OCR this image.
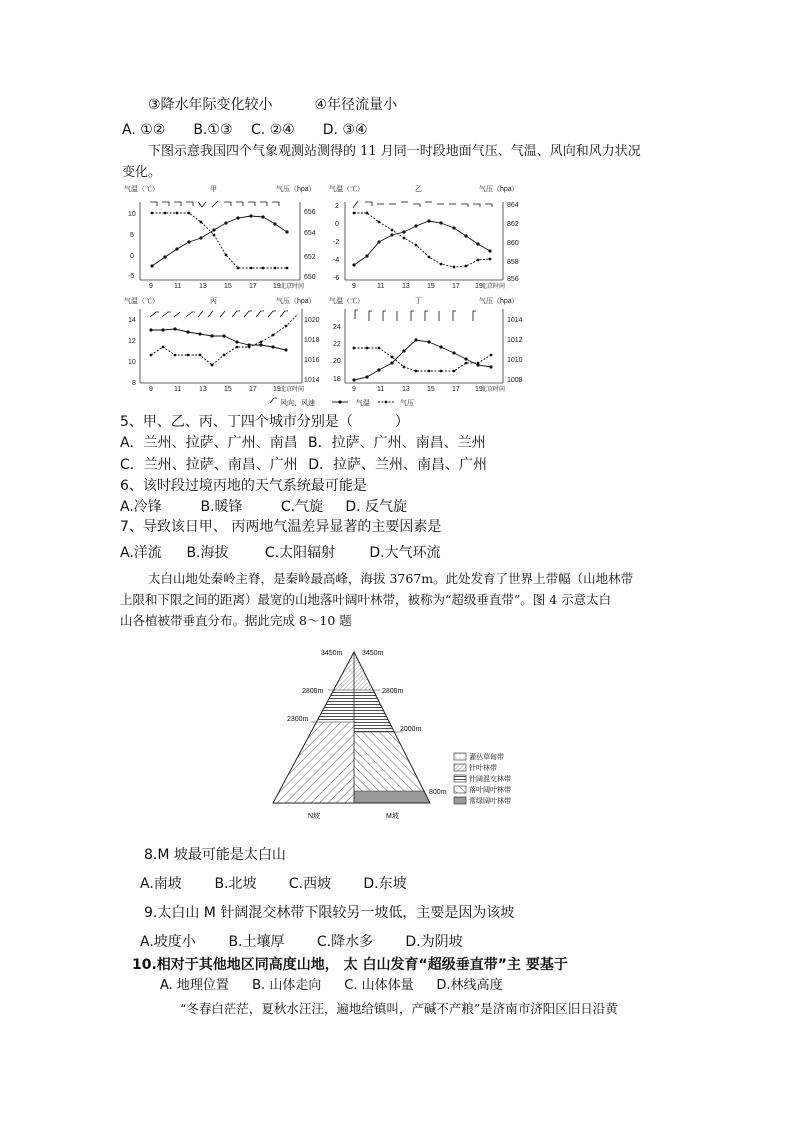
③降水年际变化较小　　　④年径流量小
A. ①②　　B.①③　 C. ②④　　D. ③④
下图示意我国四个气象观测站测得的 11 月同一时段地面气压、气温、风向和风力状况
变化。
气温（℃）	甲	气压（hpa）
10
5
0
-5
656
654
652
650
9	11	13 15 17 19 北京时间
气温（℃）	乙	气压（hpa）
2
0
-2
-4
-6
864
862
860
858
856
9	11	13 15 17 19
北京时间
气温（℃）	丙	气压（hpa）
14
12
10
8
1020
1018
1016
1014
9	11	13 15 17 19 北京时间
气温（℃）	丁	气压（hpa）
24
22
20
18
1014
1012
1010
1008
9	11	13 15 17 19
北京时间
风向、风速	气温	气压
5、甲、乙、丙、丁四个城市分别是（　　　）
A．兰州、拉萨、广州、南昌 B．拉萨、广州、南昌、兰州
C．兰州、拉萨、南昌、广州 D．拉萨、兰州、南昌、广州
6、该时段过境丙地的天气系统最可能是
A.冷锋	B.暖锋	C.气旋 D. 反气旋
7、导致该日甲、 丙两地气温差异显著的主要因素是
A.洋流 B.海拔	C.太阳辐射 D.大气环流
太白山地处秦岭主脊，是秦岭最高峰，海拔 3767m。此处发育了世界上带幅（山地林带
上限和下限之间的距离）最宽的山地落叶阔叶林带，被称为“超级垂直带”。图 4 示意太白
山各植被带垂直分布。据此完成 8～10 题
3450m	3450m
2800m	2800m
2300m
2000m
800m
N坡	M坡
灌丛草甸带
针叶林带
针阔混交林带
落叶阔叶林带
常绿阔叶林带
8.M 坡最可能是太白山
A.南坡 B.北坡 C.西坡 D.东坡
9.太白山 M 针阔混交林带下限较另一坡低，主要是因为该坡
A.坡度小 B.土壤厚 C.降水多 D.为阴坡
10.相对于其他地区同高度山地， 太 白山发育“超级垂直带”主 要基于
A. 地理位置 B. 山体走向 C. 山体体量 D.林线高度
“冬春白茫茫，夏秋水汪汪，遍地给镇叫，产碱不产粮”是济南市济阳区旧日沿黄
